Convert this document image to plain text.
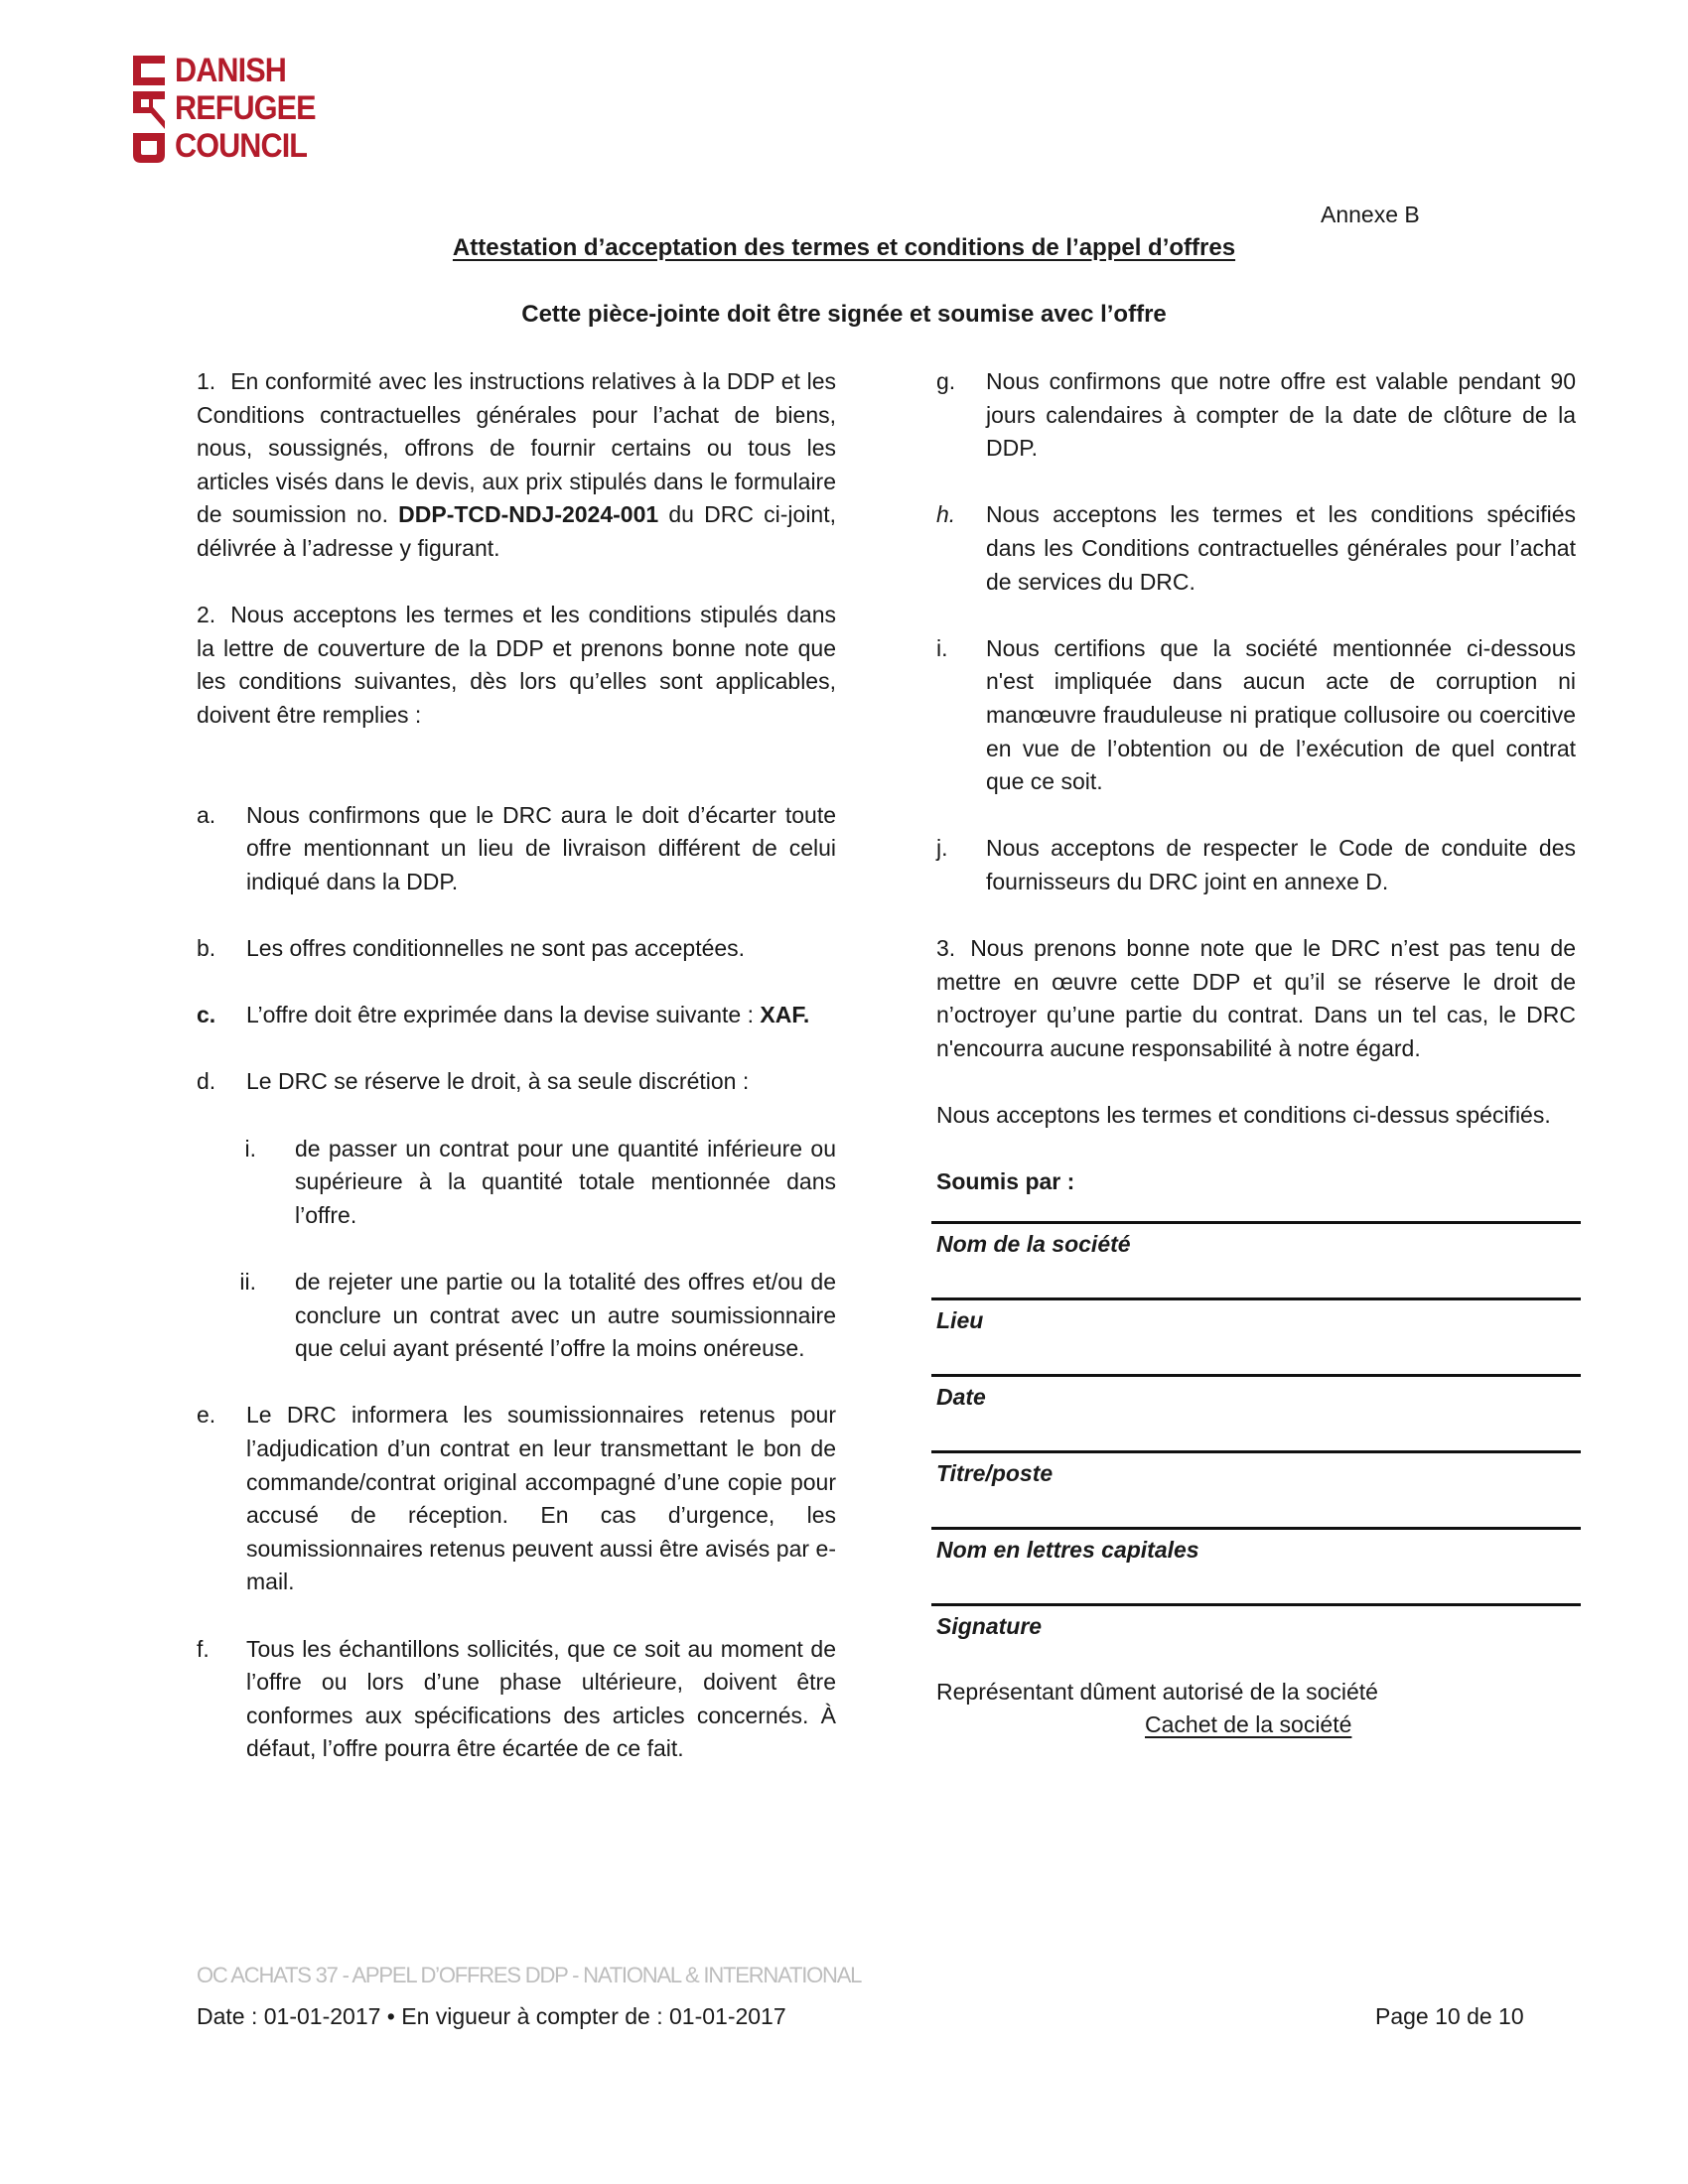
DANISH
REFUGEE
COUNCIL
Annexe B
Attestation d’acceptation des termes et conditions de l’appel d’offres
Cette pièce-jointe doit être signée et soumise avec l’offre

1. En conformité avec les instructions relatives à la DDP et les Conditions contractuelles générales pour l’achat de biens, nous, soussignés, offrons de fournir certains ou tous les articles visés dans le devis, aux prix stipulés dans le formulaire de soumission no. DDP-TCD-NDJ-2024-001 du DRC ci-joint, délivrée à l’adresse y figurant.

2. Nous acceptons les termes et les conditions stipulés dans la lettre de couverture de la DDP et prenons bonne note que les conditions suivantes, dès lors qu’elles sont applicables, doivent être remplies :

a. Nous confirmons que le DRC aura le doit d’écarter toute offre mentionnant un lieu de livraison différent de celui indiqué dans la DDP.
b. Les offres conditionnelles ne sont pas acceptées.
c. L’offre doit être exprimée dans la devise suivante : XAF.
d. Le DRC se réserve le droit, à sa seule discrétion :
i. de passer un contrat pour une quantité inférieure ou supérieure à la quantité totale mentionnée dans l’offre.
ii. de rejeter une partie ou la totalité des offres et/ou de conclure un contrat avec un autre soumissionnaire que celui ayant présenté l’offre la moins onéreuse.
e. Le DRC informera les soumissionnaires retenus pour l’adjudication d’un contrat en leur transmettant le bon de commande/contrat original accompagné d’une copie pour accusé de réception. En cas d’urgence, les soumissionnaires retenus peuvent aussi être avisés par e-mail.
f. Tous les échantillons sollicités, que ce soit au moment de l’offre ou lors d’une phase ultérieure, doivent être conformes aux spécifications des articles concernés. À défaut, l’offre pourra être écartée de ce fait.
g. Nous confirmons que notre offre est valable pendant 90 jours calendaires à compter de la date de clôture de la DDP.
h. Nous acceptons les termes et les conditions spécifiés dans les Conditions contractuelles générales pour l’achat de services du DRC.
i. Nous certifions que la société mentionnée ci-dessous n'est impliquée dans aucun acte de corruption ni manœuvre frauduleuse ni pratique collusoire ou coercitive en vue de l’obtention ou de l’exécution de quel contrat que ce soit.
j. Nous acceptons de respecter le Code de conduite des fournisseurs du DRC joint en annexe D.

3. Nous prenons bonne note que le DRC n’est pas tenu de mettre en œuvre cette DDP et qu’il se réserve le droit de n’octroyer qu’une partie du contrat. Dans un tel cas, le DRC n'encourra aucune responsabilité à notre égard.

Nous acceptons les termes et conditions ci-dessus spécifiés.

Soumis par :

Nom de la société
Lieu
Date
Titre/poste
Nom en lettres capitales
Signature

Représentant dûment autorisé de la société

Cachet de la société

OC ACHATS 37 - APPEL D’OFFRES DDP - NATIONAL & INTERNATIONAL
Date : 01-01-2017 • En vigueur à compter de : 01-01-2017	Page 10 de 10
